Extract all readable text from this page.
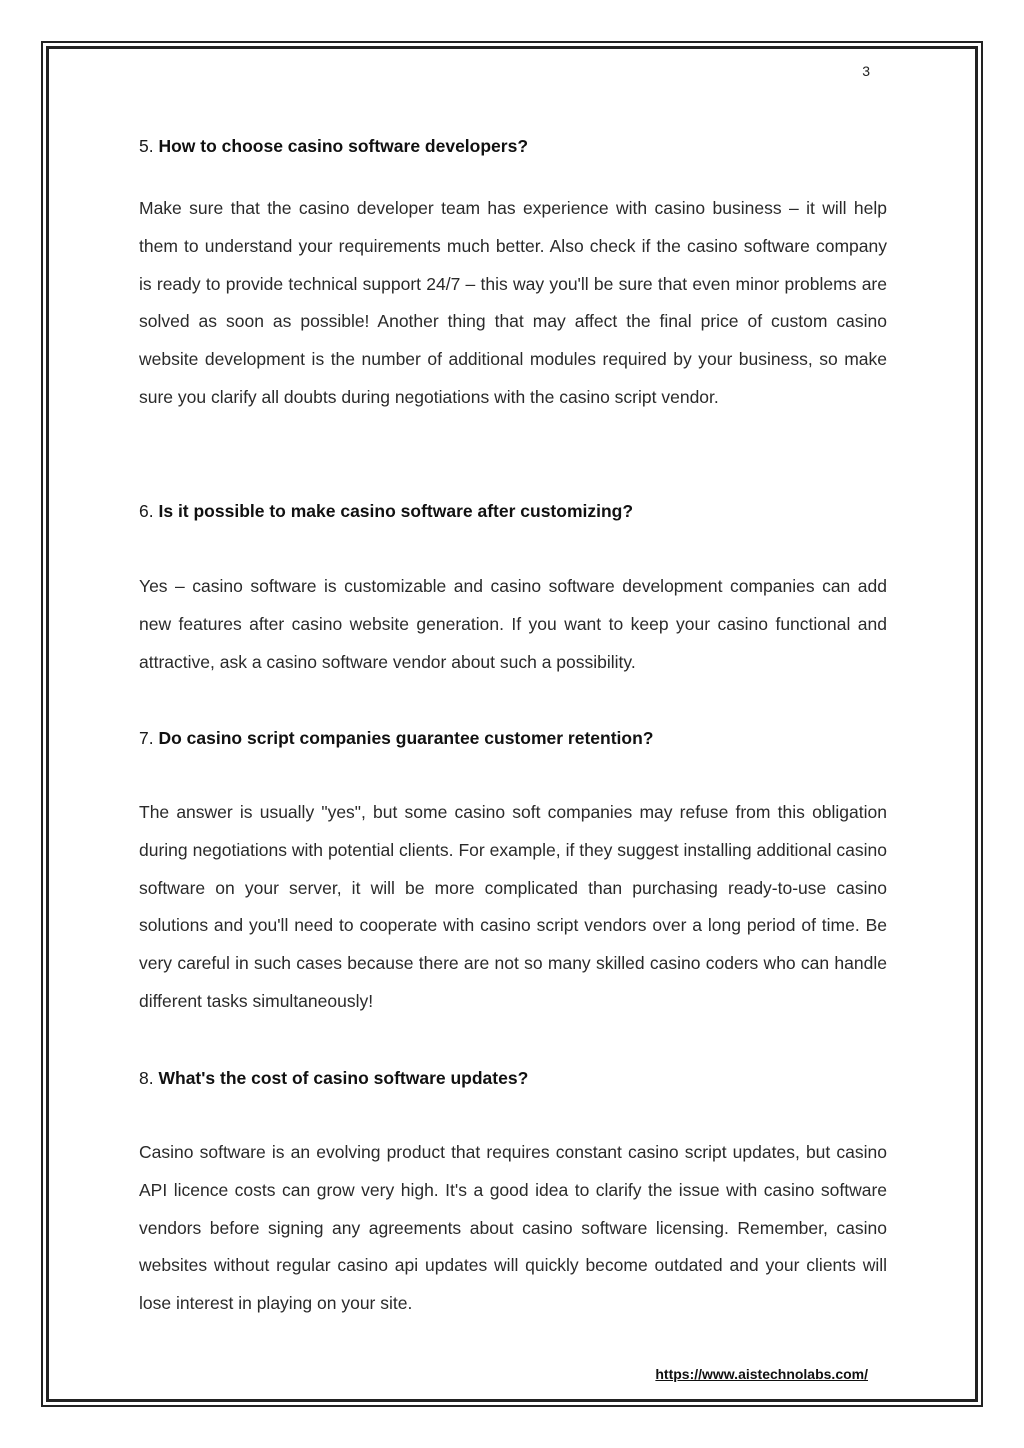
3
5. How to choose casino software developers?

Make sure that the casino developer team has experience with casino business – it will help them to understand your requirements much better. Also check if the casino software company is ready to provide technical support 24/7 – this way you'll be sure that even minor problems are solved as soon as possible! Another thing that may affect the final price of custom casino website development is the number of additional modules required by your business, so make sure you clarify all doubts during negotiations with the casino script vendor.

6. Is it possible to make casino software after customizing?

Yes – casino software is customizable and casino software development companies can add new features after casino website generation. If you want to keep your casino functional and attractive, ask a casino software vendor about such a possibility.

7. Do casino script companies guarantee customer retention?

The answer is usually "yes", but some casino soft companies may refuse from this obligation during negotiations with potential clients. For example, if they suggest installing additional casino software on your server, it will be more complicated than purchasing ready-to-use casino solutions and you'll need to cooperate with casino script vendors over a long period of time. Be very careful in such cases because there are not so many skilled casino coders who can handle different tasks simultaneously!

8. What's the cost of casino software updates?

Casino software is an evolving product that requires constant casino script updates, but casino API licence costs can grow very high. It's a good idea to clarify the issue with casino software vendors before signing any agreements about casino software licensing. Remember, casino websites without regular casino api updates will quickly become outdated and your clients will lose interest in playing on your site.

https://www.aistechnolabs.com/
